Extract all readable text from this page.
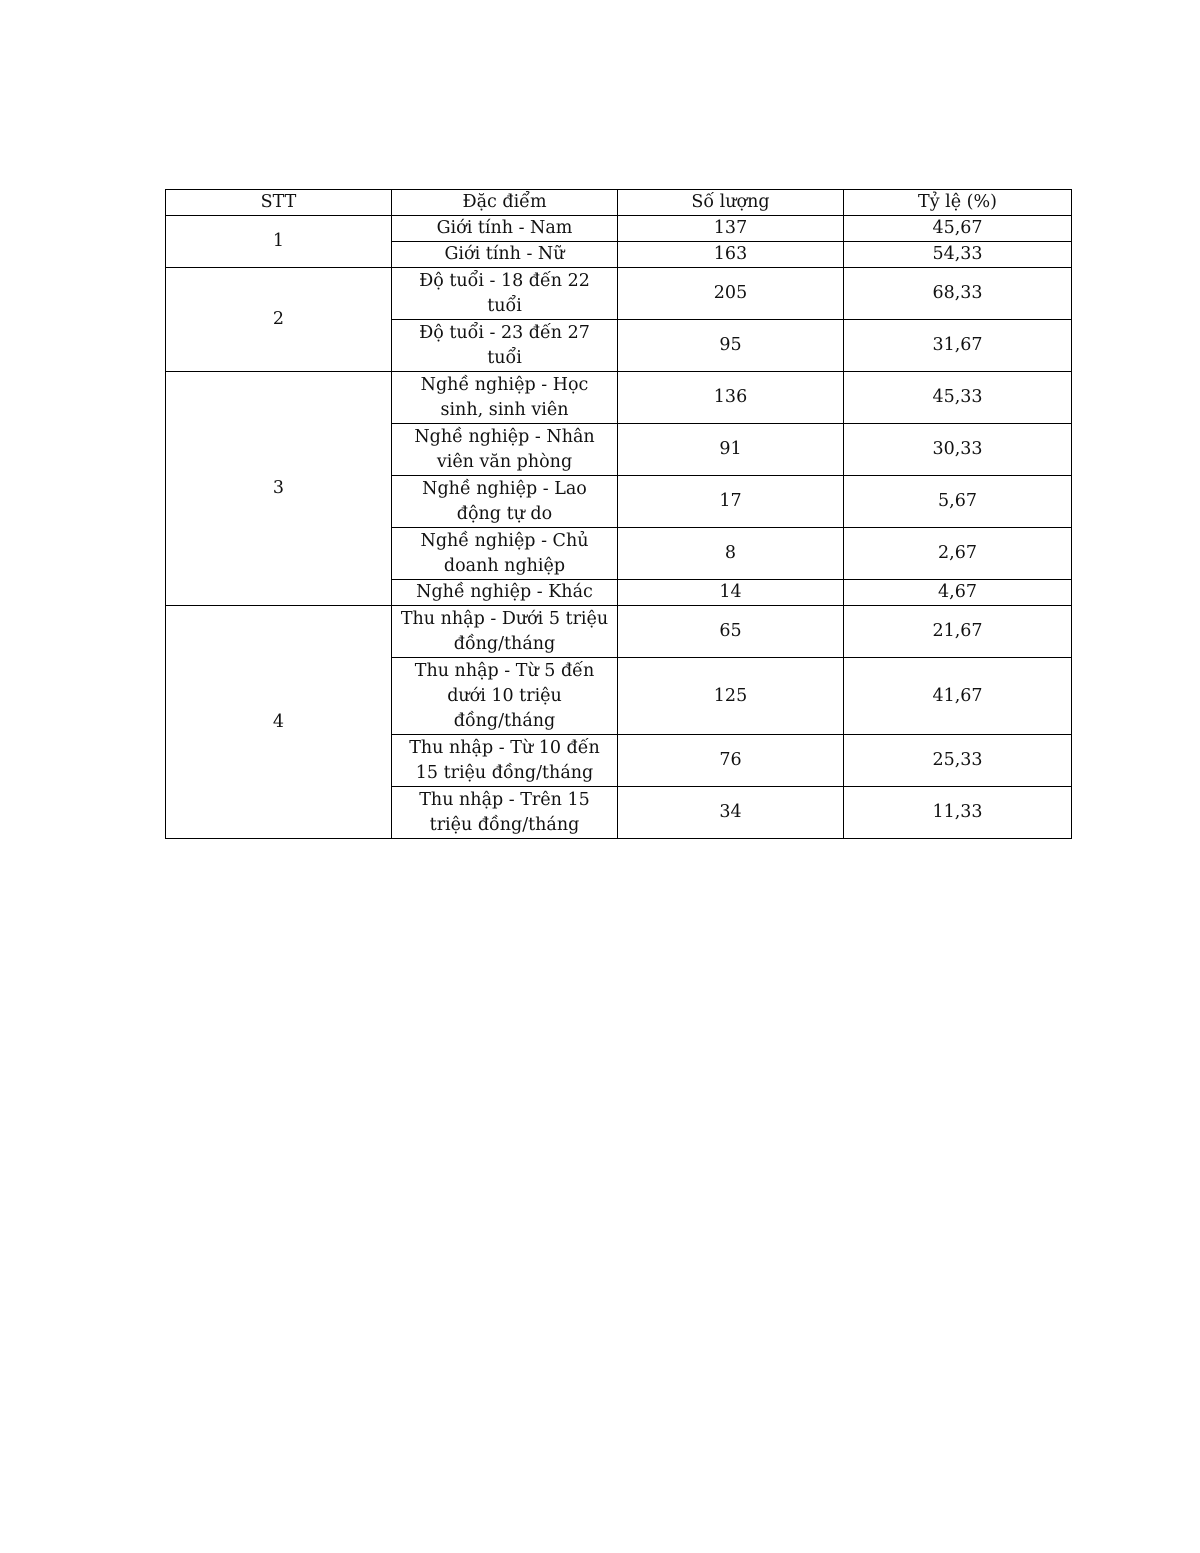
STT	Đặc điểm	Số lượng	Tỷ lệ (%)
1	Giới tính - Nam	137	45,67
	Giới tính - Nữ	163	54,33
2	Độ tuổi - 18 đến 22 tuổi	205	68,33
	Độ tuổi - 23 đến 27 tuổi	95	31,67
3	Nghề nghiệp - Học sinh, sinh viên	136	45,33
	Nghề nghiệp - Nhân viên văn phòng	91	30,33
	Nghề nghiệp - Lao động tự do	17	5,67
	Nghề nghiệp - Chủ doanh nghiệp	8	2,67
	Nghề nghiệp - Khác	14	4,67
4	Thu nhập - Dưới 5 triệu đồng/tháng	65	21,67
	Thu nhập - Từ 5 đến dưới 10 triệu đồng/tháng	125	41,67
	Thu nhập - Từ 10 đến 15 triệu đồng/tháng	76	25,33
	Thu nhập - Trên 15 triệu đồng/tháng	34	11,33
